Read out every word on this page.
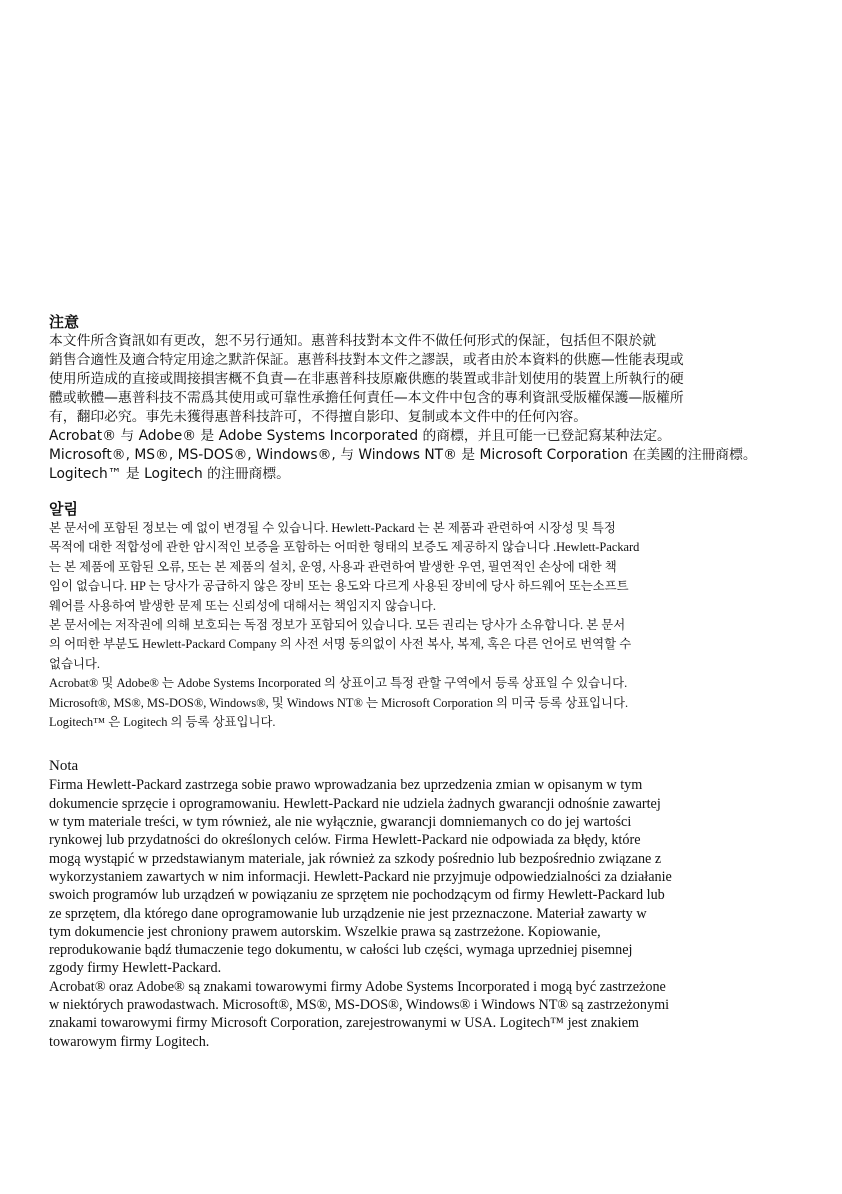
注意

本文件所含資訊如有更改，恕不另行通知。惠普科技對本文件不做任何形式的保証，包括但不限於就
銷售合適性及適合特定用途之默許保証。惠普科技對本文件之謬誤，或者由於本資料的供應—性能表現或
使用所造成的直接或間接損害概不負責—在非惠普科技原廠供應的裝置或非計划使用的裝置上所執行的硬
體或軟體—惠普科技不需爲其使用或可靠性承擔任何責任—本文件中包含的專利資訊受版權保護—版權所
有，翻印必究。事先未獲得惠普科技許可，不得擅自影印、复制或本文件中的任何內容。

Acrobat® 与 Adobe® 是 Adobe Systems Incorporated 的商標，并且可能一已登記寫某种法定。
Microsoft®, MS®, MS-DOS®, Windows®, 与 Windows NT® 是 Microsoft Corporation 在美國的注冊商標。
Logitech™ 是 Logitech 的注冊商標。

알림

본 문서에 포함된 정보는 예 없이 변경될 수 있습니다. Hewlett-Packard 는 본 제품과 관련하여 시장성 및 특정
목적에 대한 적합성에 관한 암시적인 보증을 포함하는 어떠한 형태의 보증도 제공하지 않습니다 .Hewlett-Packard
는 본 제품에 포함된 오류, 또는 본 제품의 설치, 운영, 사용과 관련하여 발생한 우연, 필연적인 손상에 대한 책
임이 없습니다. HP 는 당사가 공급하지 않은 장비 또는 용도와 다르게 사용된 장비에 당사 하드웨어 또는소프트
웨어를 사용하여 발생한 문제 또는 신뢰성에 대해서는 책임지지 않습니다.

본 문서에는 저작권에 의해 보호되는 독점 정보가 포함되어 있습니다. 모든 권리는 당사가 소유합니다. 본 문서
의 어떠한 부분도 Hewlett-Packard Company 의 사전 서명 동의없이 사전 복사, 복제, 혹은 다른 언어로 번역할 수
없습니다.

Acrobat® 및 Adobe® 는 Adobe Systems Incorporated 의 상표이고 특정 관할 구역에서 등록 상표일 수 있습니다.
Microsoft®, MS®, MS-DOS®, Windows®, 및 Windows NT® 는 Microsoft Corporation 의 미국 등록 상표입니다.
Logitech™ 은 Logitech 의 등록 상표입니다.

Nota

Firma Hewlett-Packard zastrzega sobie prawo wprowadzania bez uprzedzenia zmian w opisanym w tym
dokumencie sprzęcie i oprogramowaniu. Hewlett-Packard nie udziela żadnych gwarancji odnośnie zawartej
w tym materiale treści, w tym również, ale nie wyłącznie, gwarancji domniemanych co do jej wartości
rynkowej lub przydatności do określonych celów. Firma Hewlett-Packard nie odpowiada za błędy, które
mogą wystąpić w przedstawianym materiale, jak również za szkody pośrednio lub bezpośrednio związane z
wykorzystaniem zawartych w nim informacji. Hewlett-Packard nie przyjmuje odpowiedzialności za działanie
swoich programów lub urządzeń w powiązaniu ze sprzętem nie pochodzącym od firmy Hewlett-Packard lub
ze sprzętem, dla którego dane oprogramowanie lub urządzenie nie jest przeznaczone. Materiał zawarty w
tym dokumencie jest chroniony prawem autorskim. Wszelkie prawa są zastrzeżone. Kopiowanie,
reprodukowanie bądź tłumaczenie tego dokumentu, w całości lub części, wymaga uprzedniej pisemnej
zgody firmy Hewlett-Packard.

Acrobat® oraz Adobe® są znakami towarowymi firmy Adobe Systems Incorporated i mogą być zastrzeżone
w niektórych prawodastwach. Microsoft®, MS®, MS-DOS®, Windows® i Windows NT® są zastrzeżonymi
znakami towarowymi firmy Microsoft Corporation, zarejestrowanymi w USA. Logitech™ jest znakiem
towarowym firmy Logitech.
